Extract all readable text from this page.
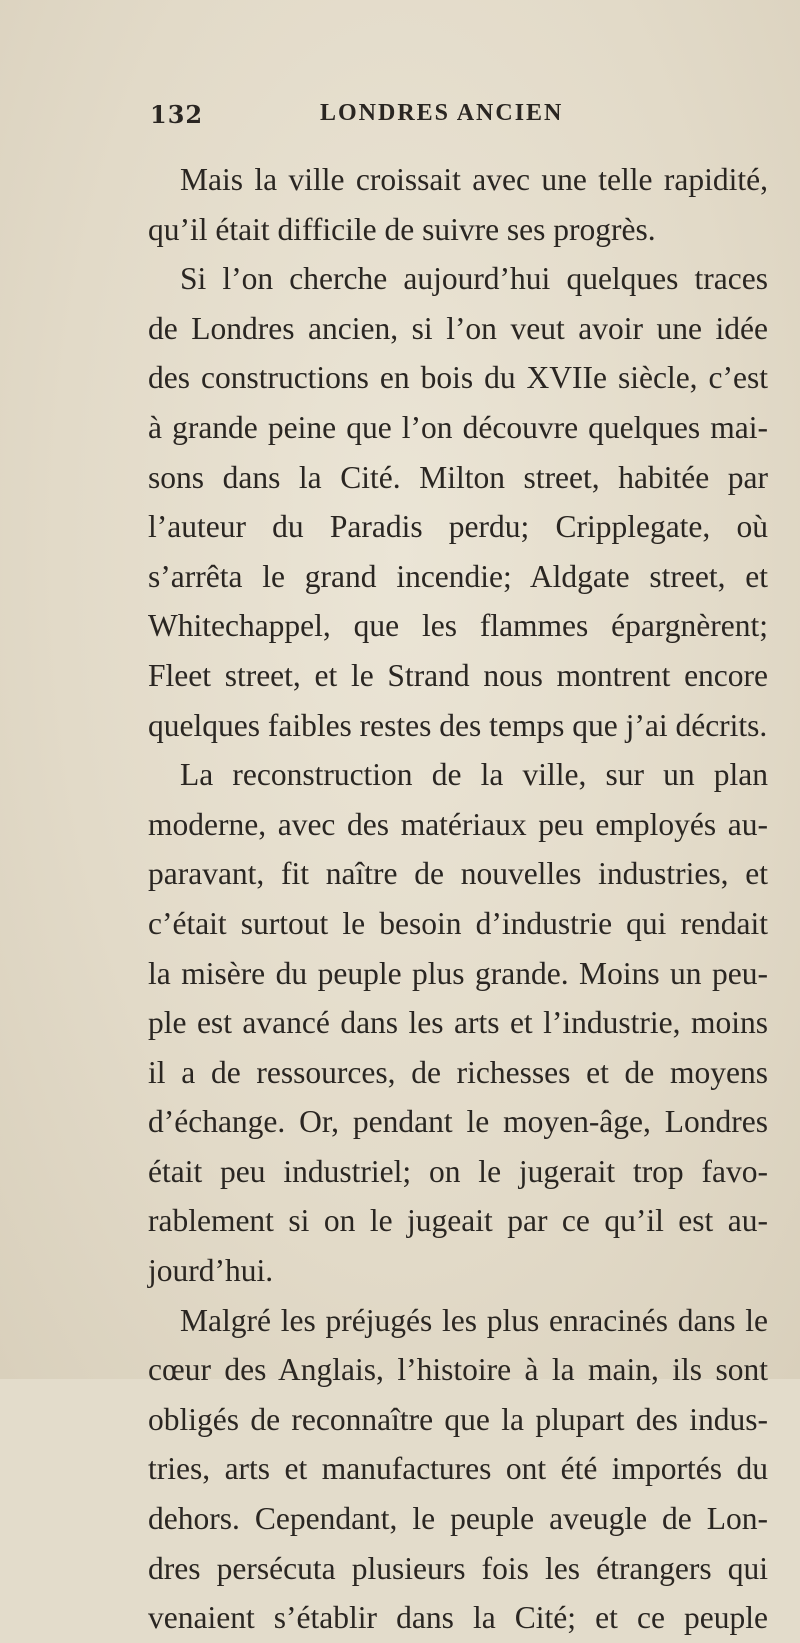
132	LONDRES ANCIEN
Mais la ville croissait avec une telle rapidité,
qu’il était difficile de suivre ses progrès.
Si l’on cherche aujourd’hui quelques traces
de Londres ancien, si l’on veut avoir une idée
des constructions en bois du XVIIe siècle, c’est
à grande peine que l’on découvre quelques mai-
sons dans la Cité. Milton street, habitée par
l’auteur du Paradis perdu; Cripplegate, où
s’arrêta le grand incendie; Aldgate street, et
Whitechappel, que les flammes épargnèrent;
Fleet street, et le Strand nous montrent encore
quelques faibles restes des temps que j’ai décrits.
La reconstruction de la ville, sur un plan
moderne, avec des matériaux peu employés au-
paravant, fit naître de nouvelles industries, et
c’était surtout le besoin d’industrie qui rendait
la misère du peuple plus grande. Moins un peu-
ple est avancé dans les arts et l’industrie, moins
il a de ressources, de richesses et de moyens
d’échange. Or, pendant le moyen-âge, Londres
était peu industriel; on le jugerait trop favo-
rablement si on le jugeait par ce qu’il est au-
jourd’hui.
Malgré les préjugés les plus enracinés dans le
cœur des Anglais, l’histoire à la main, ils sont
obligés de reconnaître que la plupart des indus-
tries, arts et manufactures ont été importés du
dehors. Cependant, le peuple aveugle de Lon-
dres persécuta plusieurs fois les étrangers qui
venaient s’établir dans la Cité; et ce peuple
